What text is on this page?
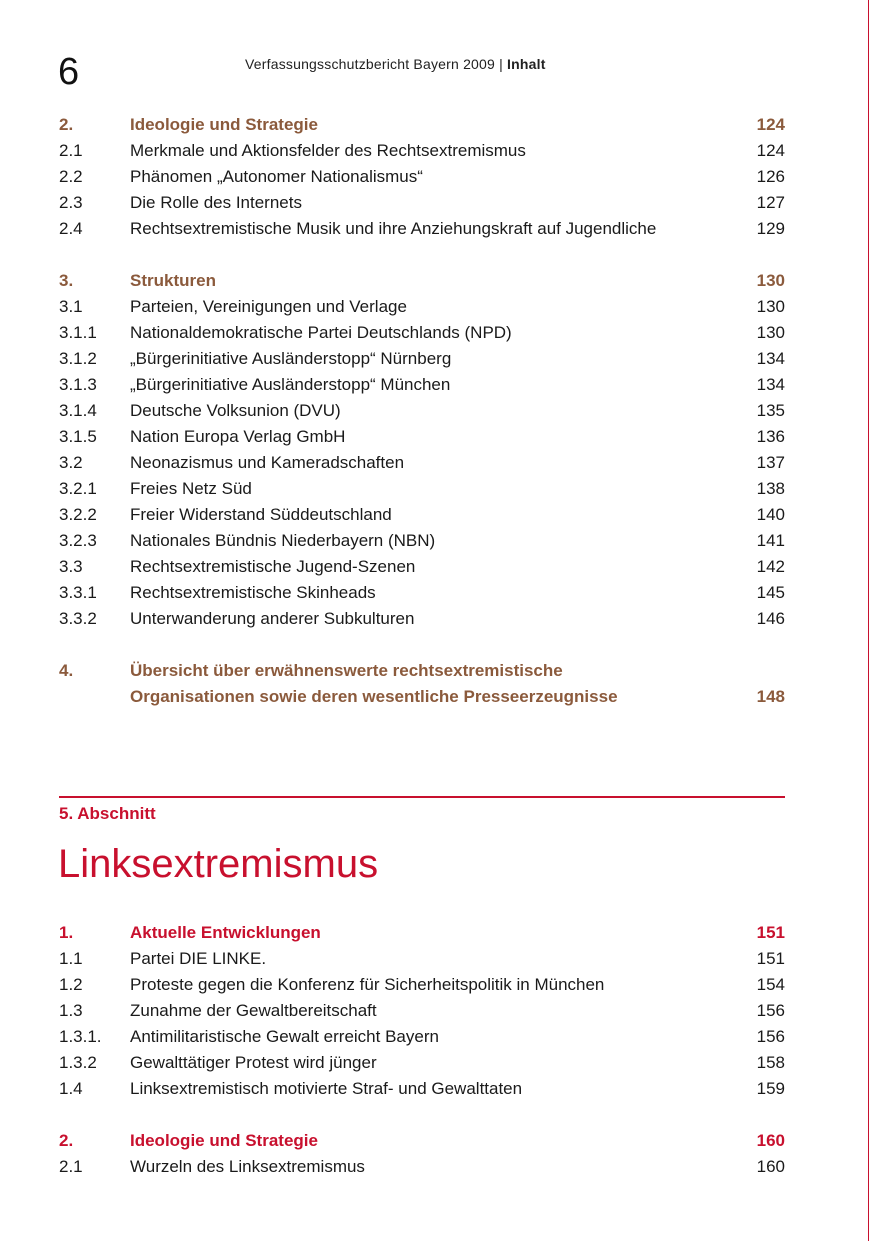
6	Verfassungsschutzbericht Bayern 2009 | Inhalt
2.	Ideologie und Strategie	124
2.1	Merkmale und Aktionsfelder des Rechtsextremismus	124
2.2	Phänomen „Autonomer Nationalismus“	126
2.3	Die Rolle des Internets	127
2.4	Rechtsextremistische Musik und ihre Anziehungskraft auf Jugendliche	129
3.	Strukturen	130
3.1	Parteien, Vereinigungen und Verlage	130
3.1.1 Nationaldemokratische Partei Deutschlands (NPD)	130
3.1.2 „Bürgerinitiative Ausländerstopp“ Nürnberg	134
3.1.3 „Bürgerinitiative Ausländerstopp“ München	134
3.1.4 Deutsche Volksunion (DVU)	135
3.1.5 Nation Europa Verlag GmbH	136
3.2	Neonazismus und Kameradschaften	137
3.2.1 Freies Netz Süd	138
3.2.2 Freier Widerstand Süddeutschland	140
3.2.3 Nationales Bündnis Niederbayern (NBN)	141
3.3	Rechtsextremistische Jugend-Szenen	142
3.3.1 Rechtsextremistische Skinheads	145
3.3.2 Unterwanderung anderer Subkulturen	146
4.	Übersicht über erwähnenswerte rechtsextremistische
Organisationen sowie deren wesentliche Presseerzeugnisse	148
5. Abschnitt
Linksextremismus
1.	Aktuelle Entwicklungen	151
1.1	Partei DIE LINKE.	151
1.2	Proteste gegen die Konferenz für Sicherheitspolitik in München	154
1.3	Zunahme der Gewaltbereitschaft	156
1.3.1. Antimilitaristische Gewalt erreicht Bayern	156
1.3.2 Gewalttätiger Protest wird jünger	158
1.4	Linksextremistisch motivierte Straf- und Gewalttaten	159
2.	Ideologie und Strategie	160
2.1	Wurzeln des Linksextremismus	160
